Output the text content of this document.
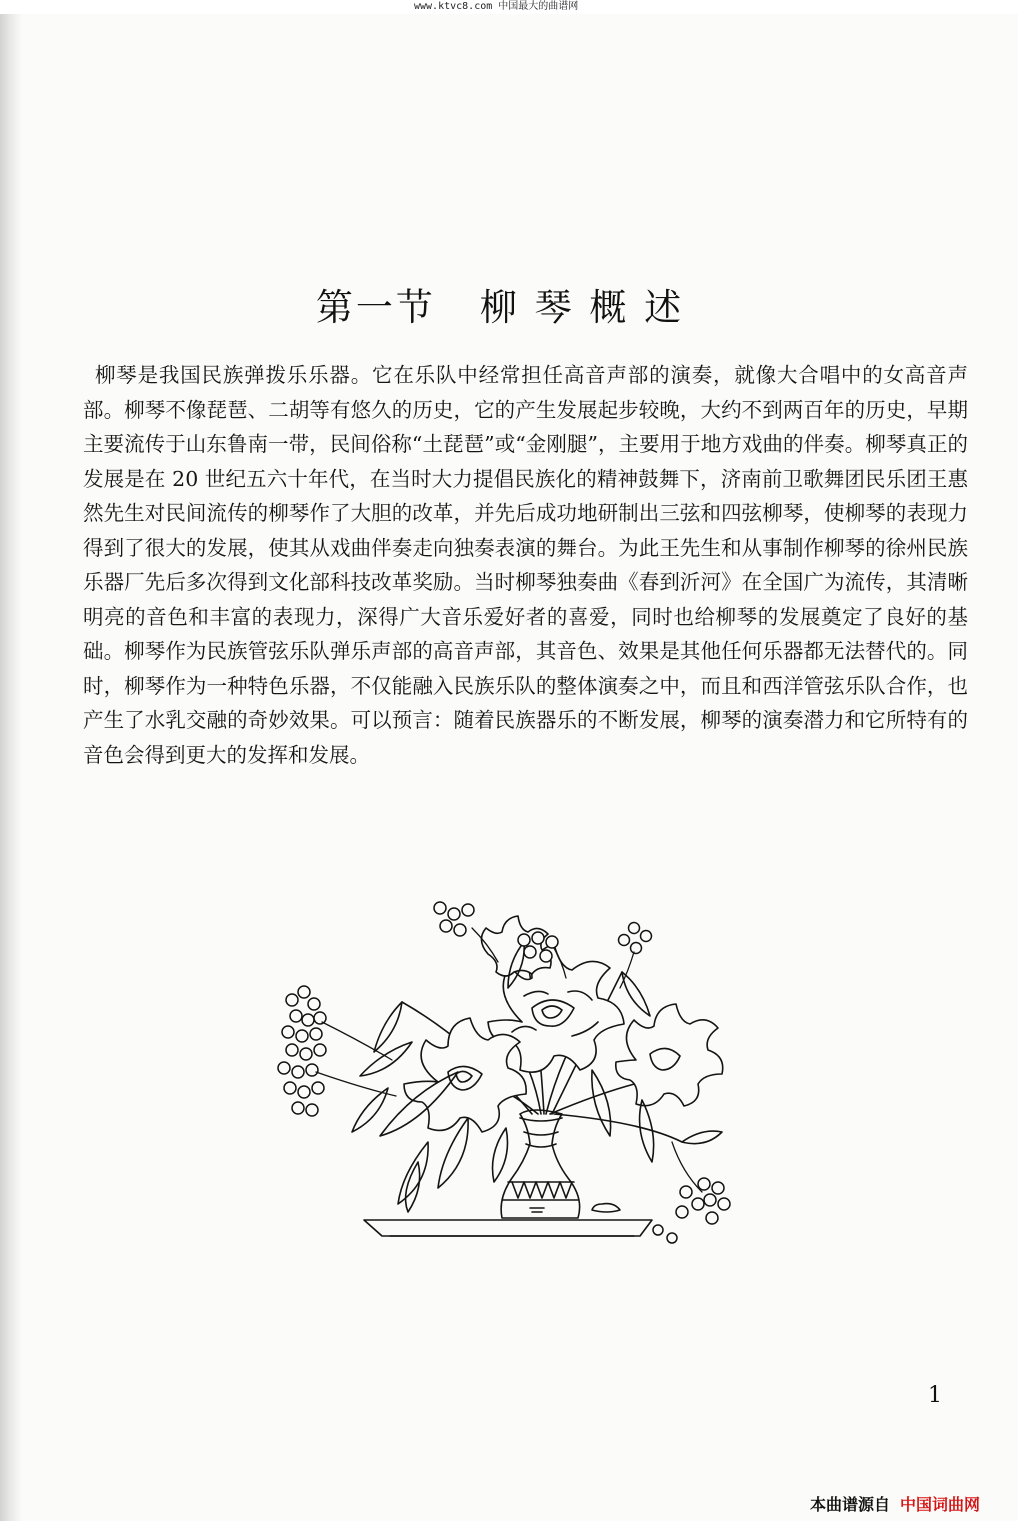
www.ktvc8.com 中国最大的曲谱网
第一节 柳 琴 概 述

柳琴是我国民族弹拨乐乐器。它在乐队中经常担任高音声部的演奏，就像大合唱中的女高音声部。柳琴不像琵琶、二胡等有悠久的历史，它的产生发展起步较晚，大约不到两百年的历史，早期主要流传于山东鲁南一带，民间俗称“土琵琶”或“金刚腿”，主要用于地方戏曲的伴奏。柳琴真正的发展是在 20 世纪五六十年代，在当时大力提倡民族化的精神鼓舞下，济南前卫歌舞团民乐团王惠然先生对民间流传的柳琴作了大胆的改革，并先后成功地研制出三弦和四弦柳琴，使柳琴的表现力得到了很大的发展，使其从戏曲伴奏走向独奏表演的舞台。为此王先生和从事制作柳琴的徐州民族乐器厂先后多次得到文化部科技改革奖励。当时柳琴独奏曲《春到沂河》在全国广为流传，其清晰明亮的音色和丰富的表现力，深得广大音乐爱好者的喜爱，同时也给柳琴的发展奠定了良好的基础。柳琴作为民族管弦乐队弹乐声部的高音声部，其音色、效果是其他任何乐器都无法替代的。同时，柳琴作为一种特色乐器，不仅能融入民族乐队的整体演奏之中，而且和西洋管弦乐队合作，也产生了水乳交融的奇妙效果。可以预言：随着民族器乐的不断发展，柳琴的演奏潜力和它所特有的音色会得到更大的发挥和发展。

1
本曲谱源自 中国词曲网
